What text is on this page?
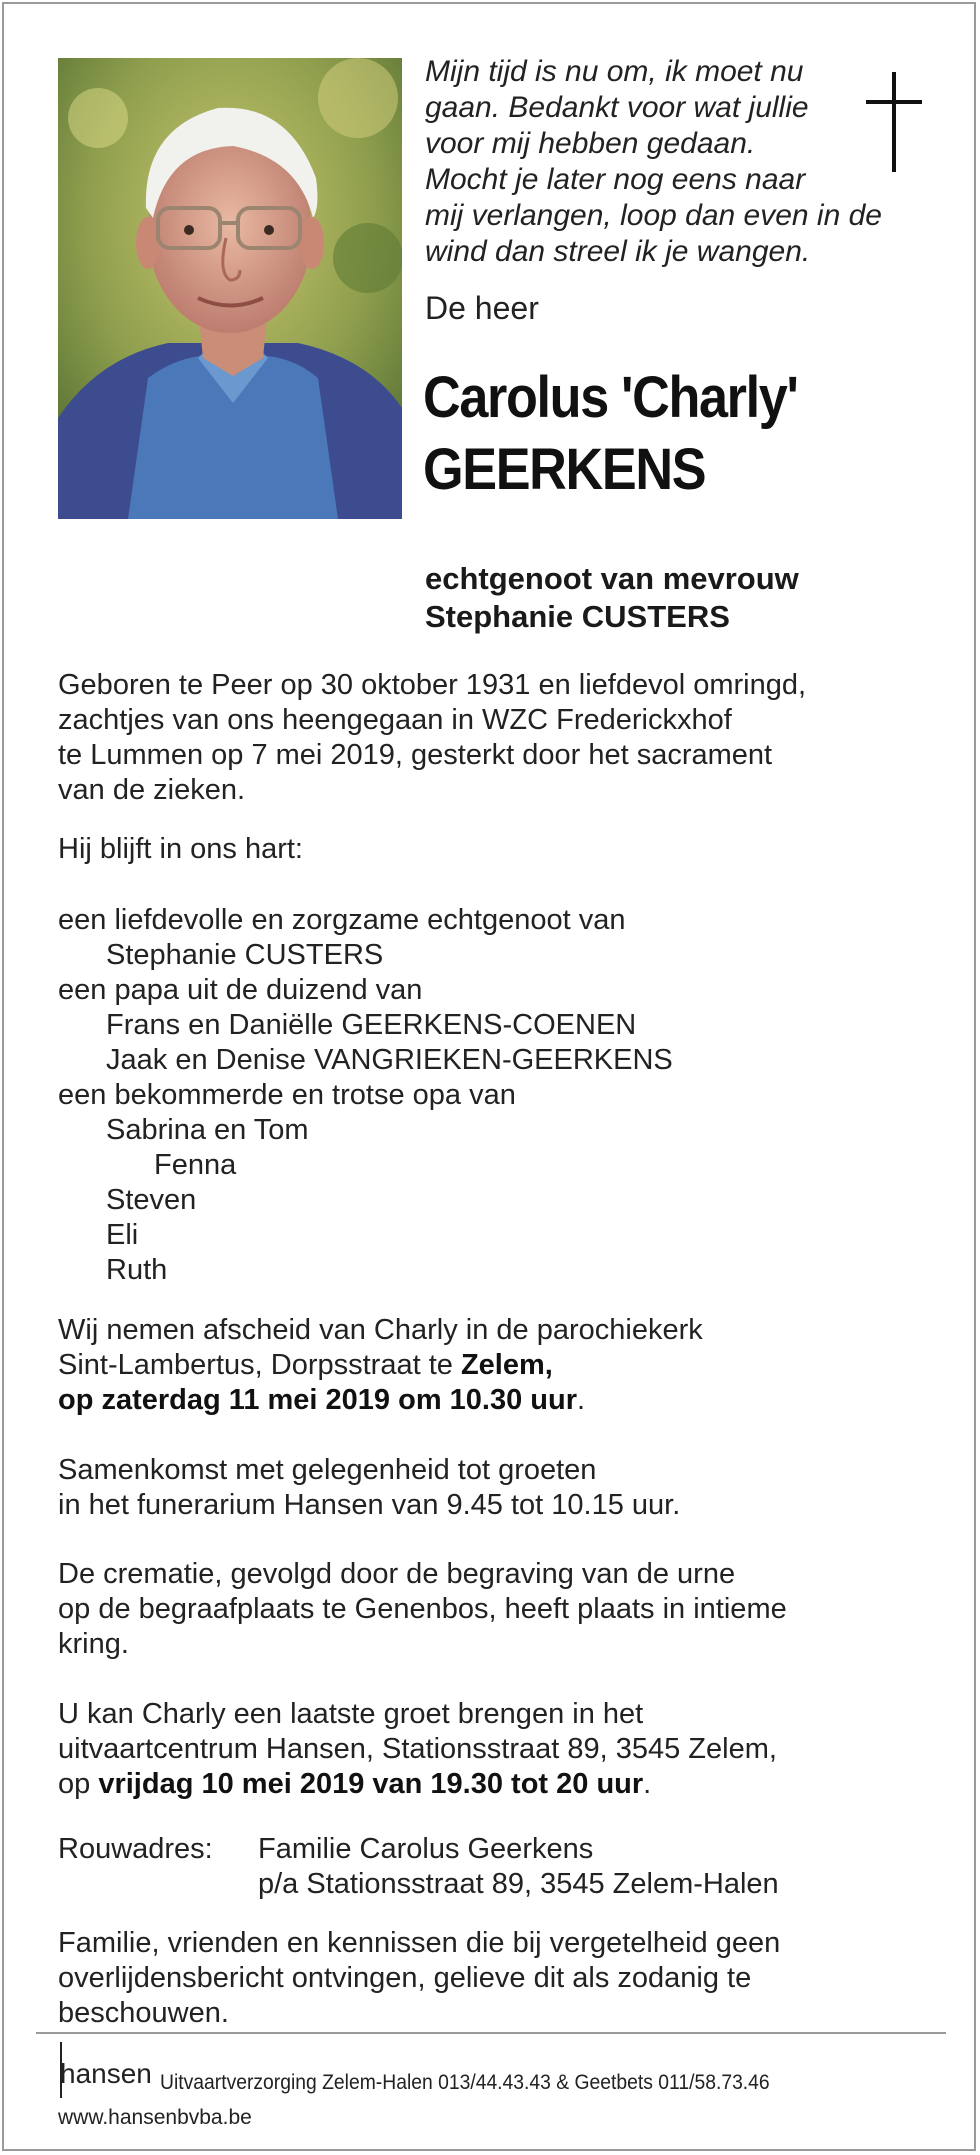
Mijn tijd is nu om, ik moet nu
gaan. Bedankt voor wat jullie
voor mij hebben gedaan.
Mocht je later nog eens naar
mij verlangen, loop dan even in de
wind dan streel ik je wangen.
De heer
Carolus 'Charly'
GEERKENS
echtgenoot van mevrouw
Stephanie CUSTERS
Geboren te Peer op 30 oktober 1931 en liefdevol omringd,
zachtjes van ons heengegaan in WZC Frederickxhof
te Lummen op 7 mei 2019, gesterkt door het sacrament
van de zieken.
Hij blijft in ons hart:
een liefdevolle en zorgzame echtgenoot van
Stephanie CUSTERS
een papa uit de duizend van
Frans en Daniëlle GEERKENS-COENEN
Jaak en Denise VANGRIEKEN-GEERKENS
een bekommerde en trotse opa van
Sabrina en Tom
Fenna
Steven
Eli
Ruth
Wij nemen afscheid van Charly in de parochiekerk
Sint-Lambertus, Dorpsstraat te Zelem,
op zaterdag 11 mei 2019 om 10.30 uur.
Samenkomst met gelegenheid tot groeten
in het funerarium Hansen van 9.45 tot 10.15 uur.
De crematie, gevolgd door de begraving van de urne
op de begraafplaats te Genenbos, heeft plaats in intieme
kring.
U kan Charly een laatste groet brengen in het
uitvaartcentrum Hansen, Stationsstraat 89, 3545 Zelem,
op vrijdag 10 mei 2019 van 19.30 tot 20 uur.
Rouwadres: Familie Carolus Geerkens
p/a Stationsstraat 89, 3545 Zelem-Halen
Familie, vrienden en kennissen die bij vergetelheid geen
overlijdensbericht ontvingen, gelieve dit als zodanig te
beschouwen.
hansen Uitvaartverzorging Zelem-Halen 013/44.43.43 & Geetbets 011/58.73.46
www.hansenbvba.be
